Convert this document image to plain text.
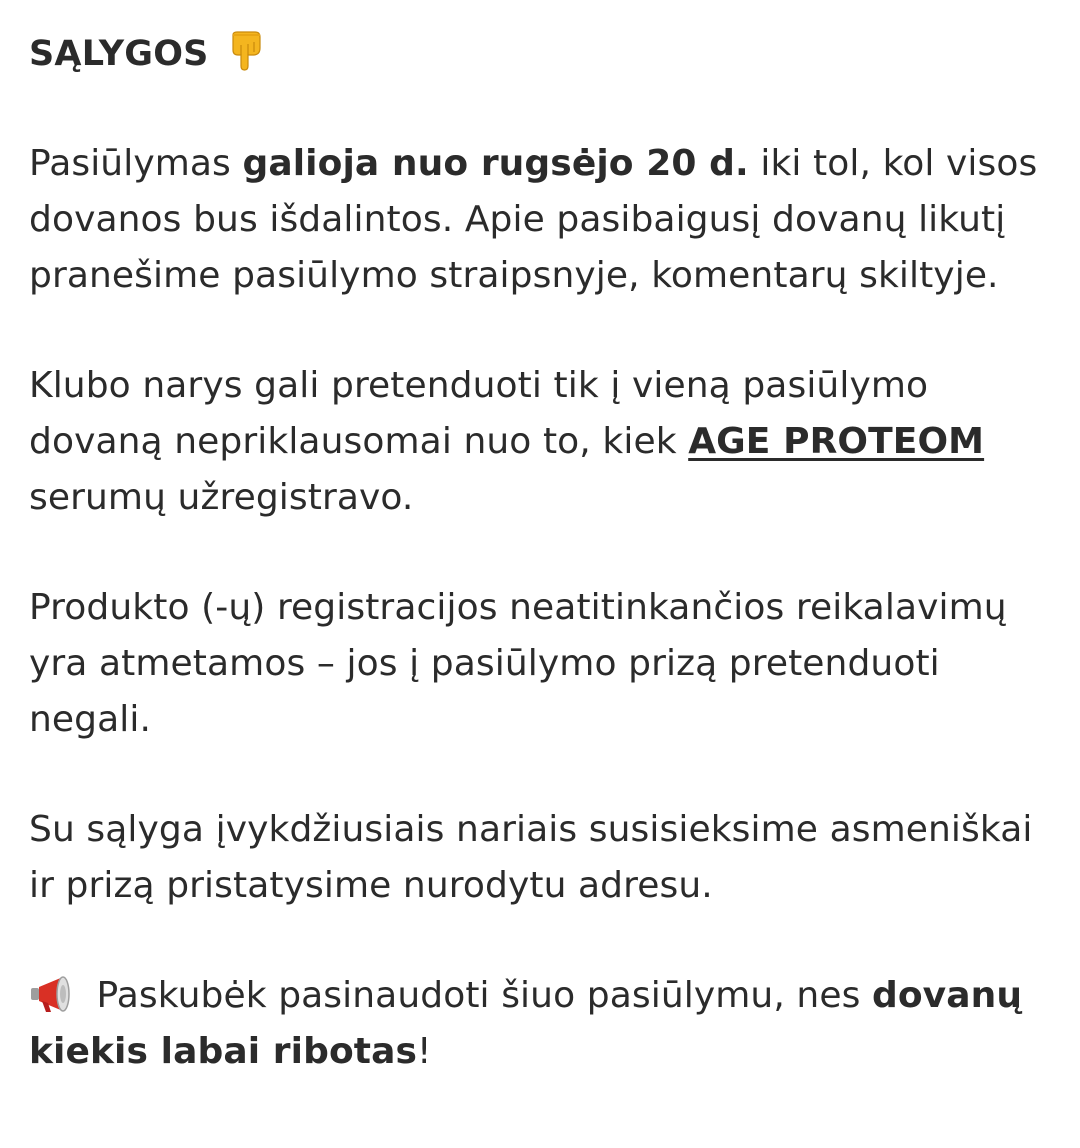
SĄLYGOS

Pasiūlymas galioja nuo rugsėjo 20 d. iki tol, kol visos dovanos bus išdalintos. Apie pasibaigusį dovanų likutį pranešime pasiūlymo straipsnyje, komentarų skiltyje.

Klubo narys gali pretenduoti tik į vieną pasiūlymo dovaną nepriklausomai nuo to, kiek AGE PROTEOM serumų užregistravo.

Produkto (-ų) registracijos neatitinkančios reikalavimų yra atmetamos – jos į pasiūlymo prizą pretenduoti negali.

Su sąlyga įvykdžiusiais nariais susisieksime asmeniškai ir prizą pristatysime nurodytu adresu.

Paskubėk pasinaudoti šiuo pasiūlymu, nes dovanų kiekis labai ribotas!
